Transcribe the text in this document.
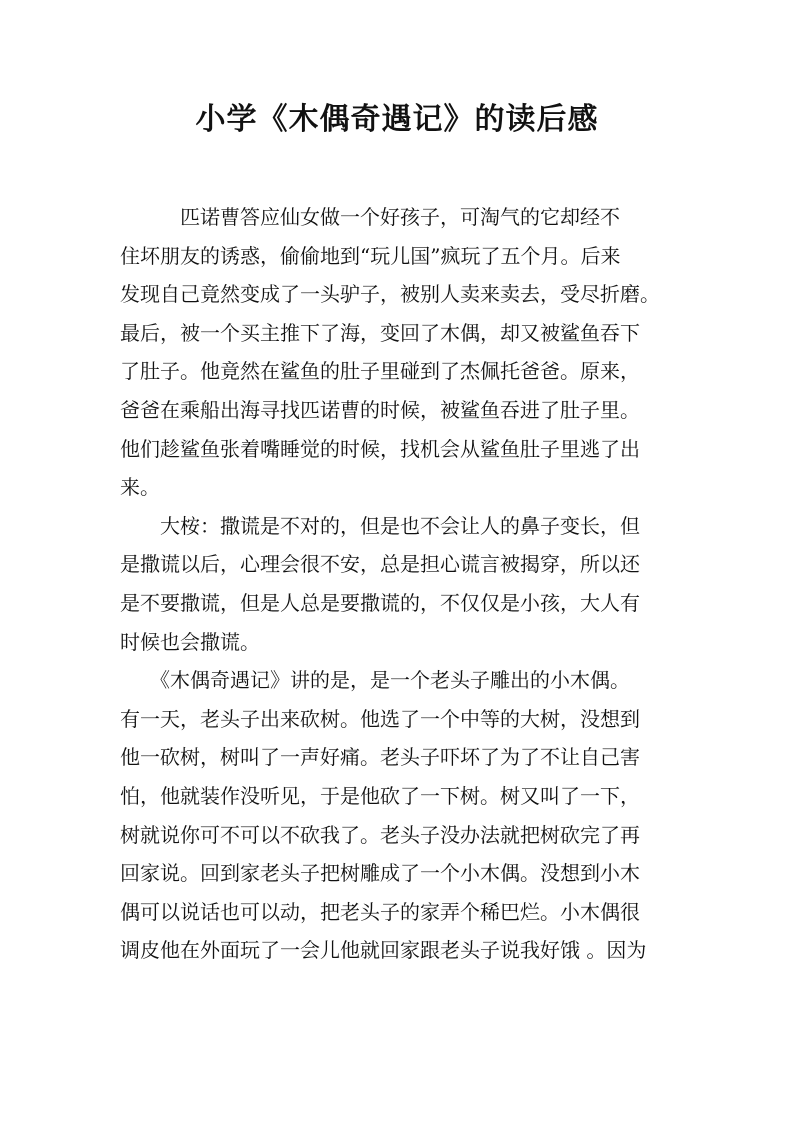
小学《木偶奇遇记》的读后感
　　　匹诺曹答应仙女做一个好孩子，可淘气的它却经不
住坏朋友的诱惑，偷偷地到“玩儿国”疯玩了五个月。后来
发现自己竟然变成了一头驴子，被别人卖来卖去，受尽折磨。
最后，被一个买主推下了海，变回了木偶，却又被鲨鱼吞下
了肚子。他竟然在鲨鱼的肚子里碰到了杰佩托爸爸。原来，
爸爸在乘船出海寻找匹诺曹的时候，被鲨鱼吞进了肚子里。
他们趁鲨鱼张着嘴睡觉的时候，找机会从鲨鱼肚子里逃了出
来。
　　大桉：撒谎是不对的，但是也不会让人的鼻子变长，但
是撒谎以后，心理会很不安，总是担心谎言被揭穿，所以还
是不要撒谎，但是人总是要撒谎的，不仅仅是小孩，大人有
时候也会撒谎。
　　《木偶奇遇记》讲的是，是一个老头子雕出的小木偶。
有一天，老头子出来砍树。他选了一个中等的大树，没想到
他一砍树，树叫了一声好痛。老头子吓坏了为了不让自己害
怕，他就装作没听见，于是他砍了一下树。树又叫了一下，
树就说你可不可以不砍我了。老头子没办法就把树砍完了再
回家说。回到家老头子把树雕成了一个小木偶。没想到小木
偶可以说话也可以动，把老头子的家弄个稀巴烂。小木偶很
调皮他在外面玩了一会儿他就回家跟老头子说我好饿 。因为
